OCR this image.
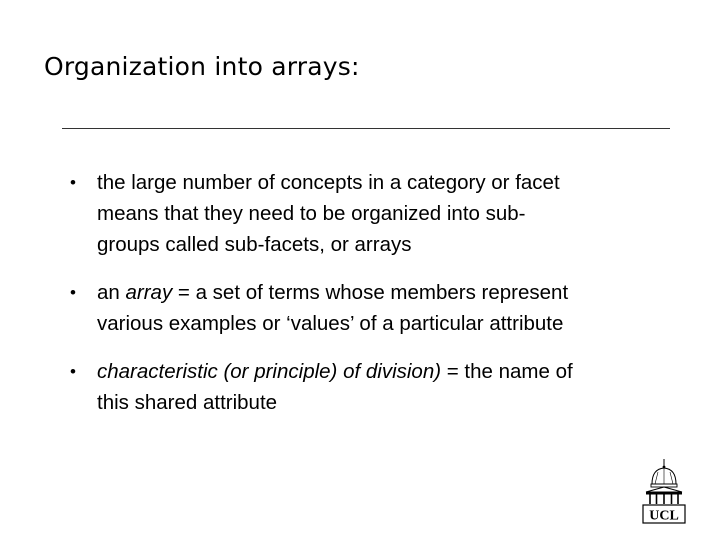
Organization into arrays:
•	the large number of concepts in a category or facet
means that they need to be organized into sub-
groups called sub-facets, or arrays
•	an array = a set of terms whose members represent
various examples or ‘values’ of a particular attribute
•	characteristic (or principle) of division) = the name of
this shared attribute
UCL
